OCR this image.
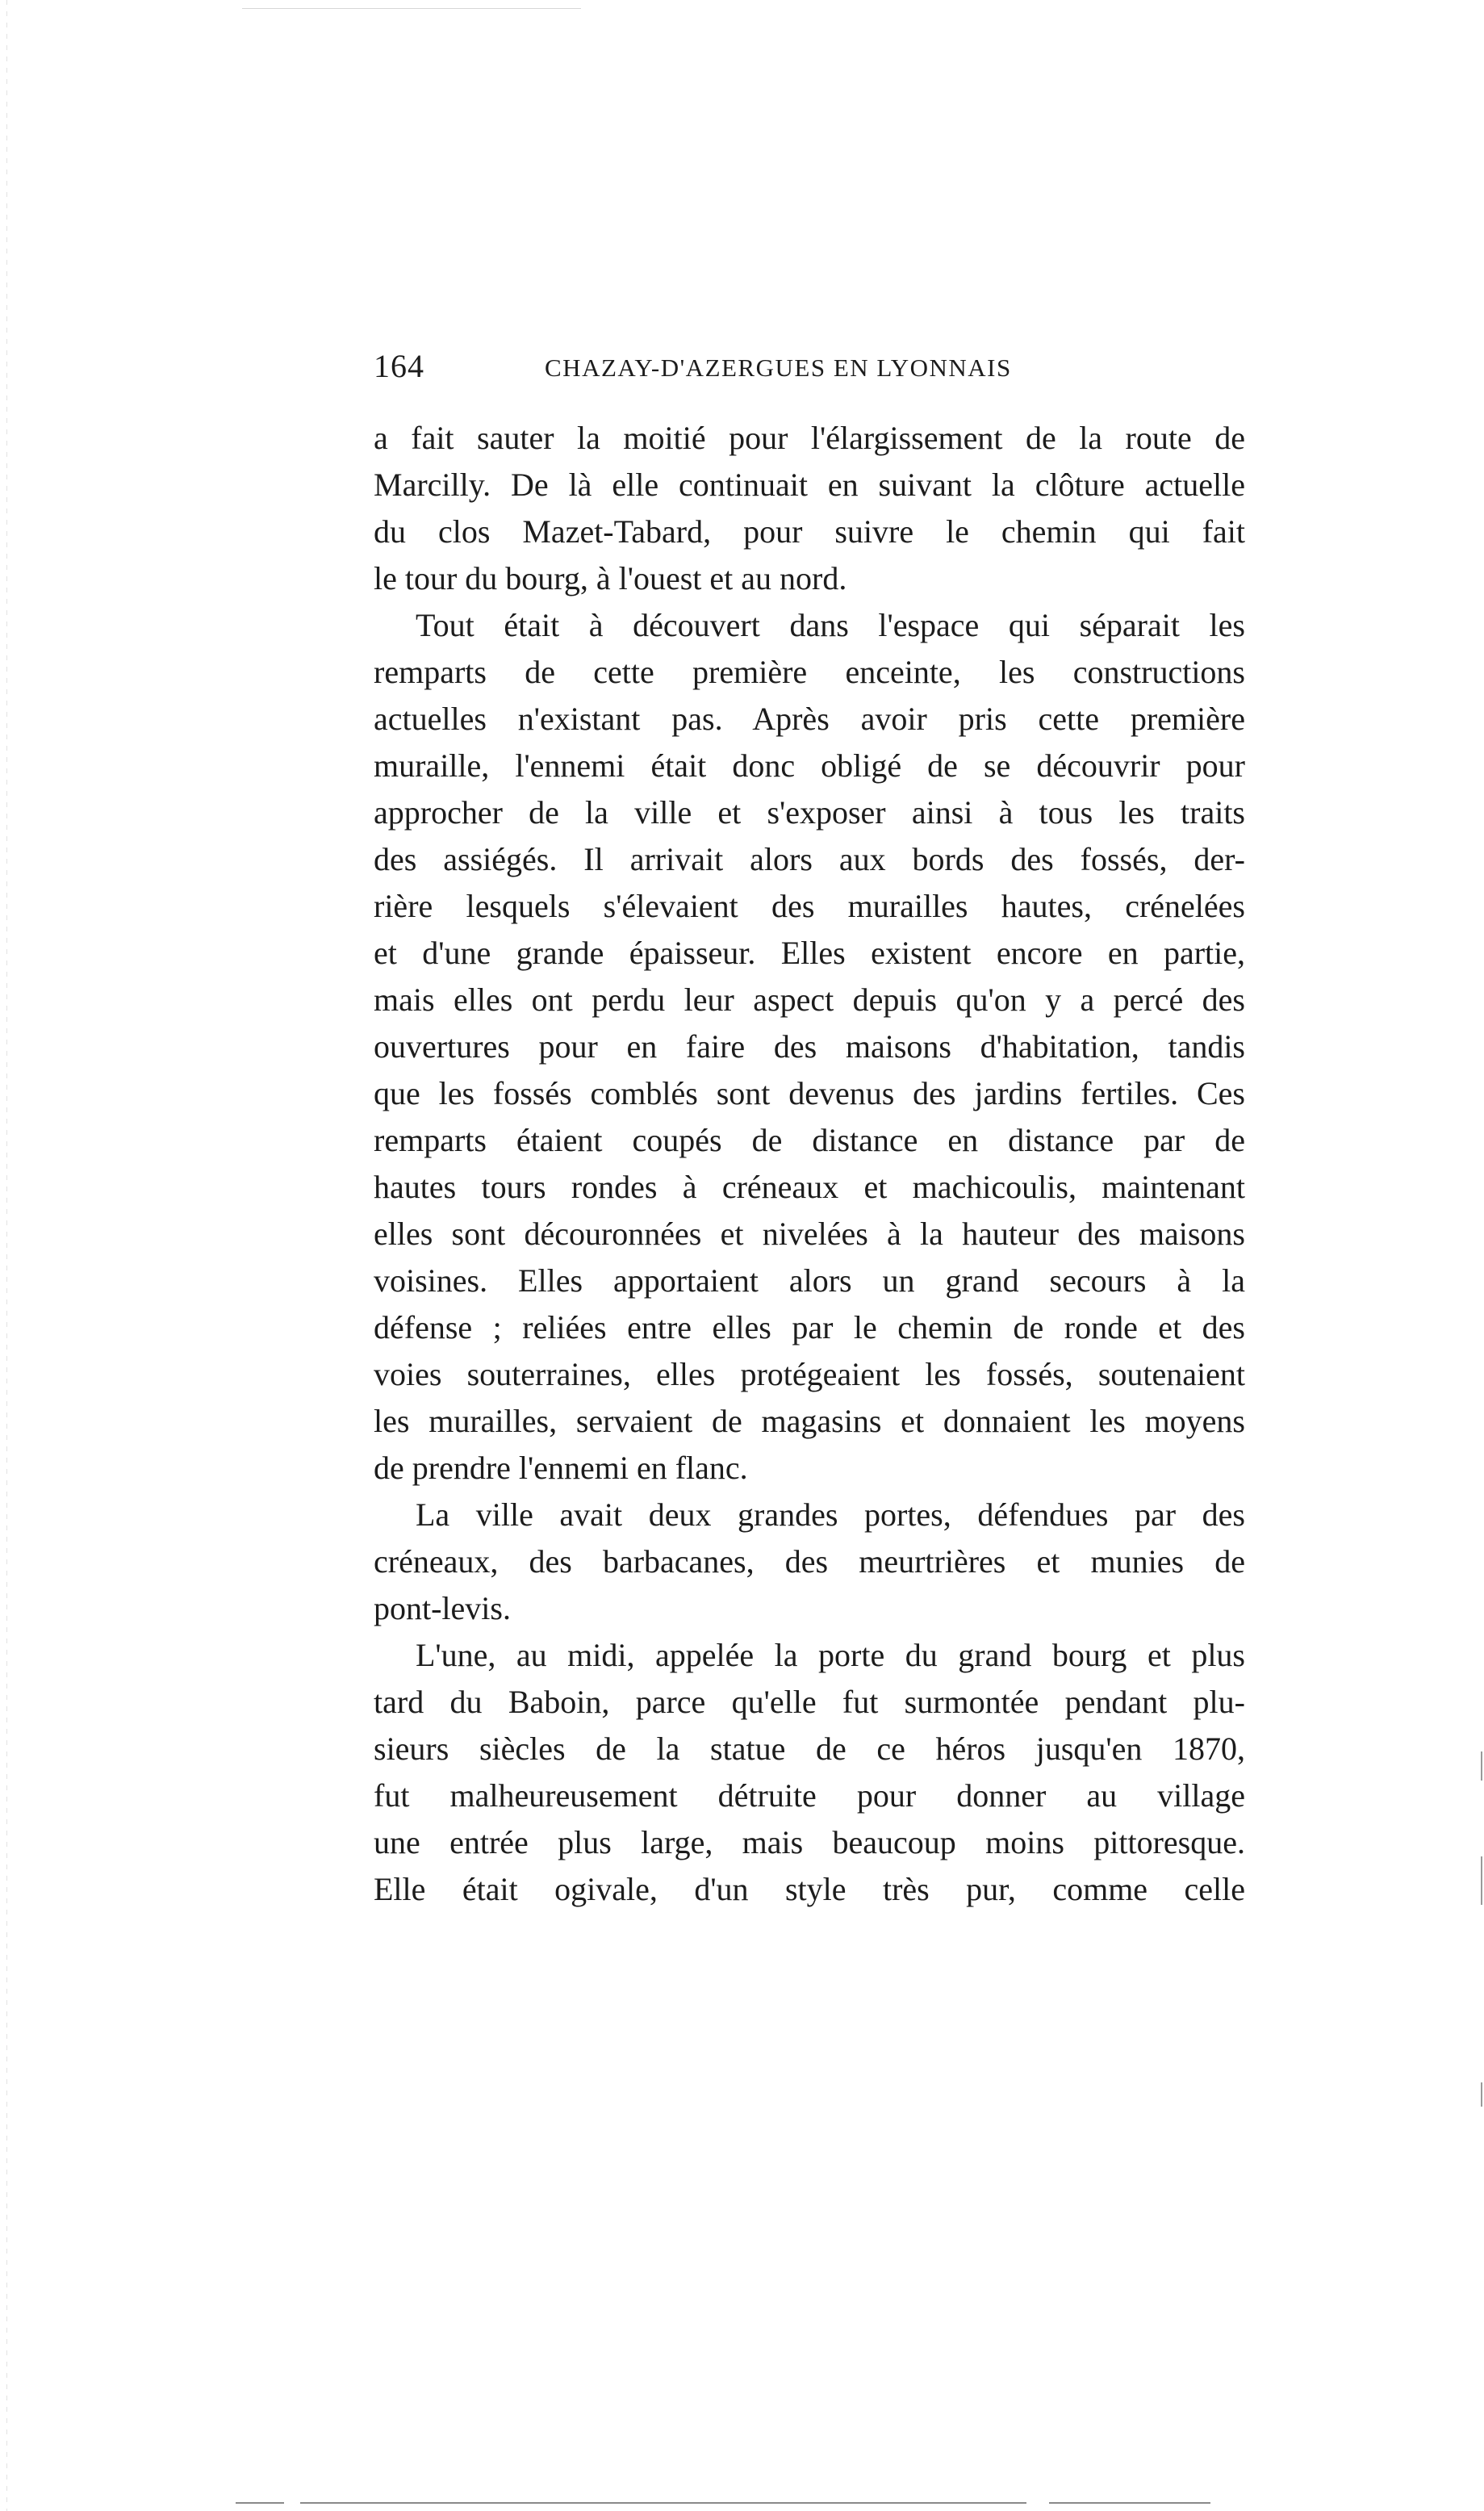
164	CHAZAY-D'AZERGUES EN LYONNAIS
a fait sauter la moitié pour l'élargissement de la route de
Marcilly. De là elle continuait en suivant la clôture actuelle
du clos Mazet-Tabard, pour suivre le chemin qui fait
le tour du bourg, à l'ouest et au nord.
Tout était à découvert dans l'espace qui séparait les
remparts de cette première enceinte, les constructions
actuelles n'existant pas. Après avoir pris cette première
muraille, l'ennemi était donc obligé de se découvrir pour
approcher de la ville et s'exposer ainsi à tous les traits
des assiégés. Il arrivait alors aux bords des fossés, der-
rière lesquels s'élevaient des murailles hautes, crénelées
et d'une grande épaisseur. Elles existent encore en partie,
mais elles ont perdu leur aspect depuis qu'on y a percé des
ouvertures pour en faire des maisons d'habitation, tandis
que les fossés comblés sont devenus des jardins fertiles. Ces
remparts étaient coupés de distance en distance par de
hautes tours rondes à créneaux et machicoulis, maintenant
elles sont découronnées et nivelées à la hauteur des maisons
voisines. Elles apportaient alors un grand secours à la
défense ; reliées entre elles par le chemin de ronde et des
voies souterraines, elles protégeaient les fossés, soutenaient
les murailles, servaient de magasins et donnaient les moyens
de prendre l'ennemi en flanc.
La ville avait deux grandes portes, défendues par des
créneaux, des barbacanes, des meurtrières et munies de
pont-levis.
L'une, au midi, appelée la porte du grand bourg et plus
tard du Baboin, parce qu'elle fut surmontée pendant plu-
sieurs siècles de la statue de ce héros jusqu'en 1870,
fut malheureusement détruite pour donner au village
une entrée plus large, mais beaucoup moins pittoresque.
Elle était ogivale, d'un style très pur, comme celle
